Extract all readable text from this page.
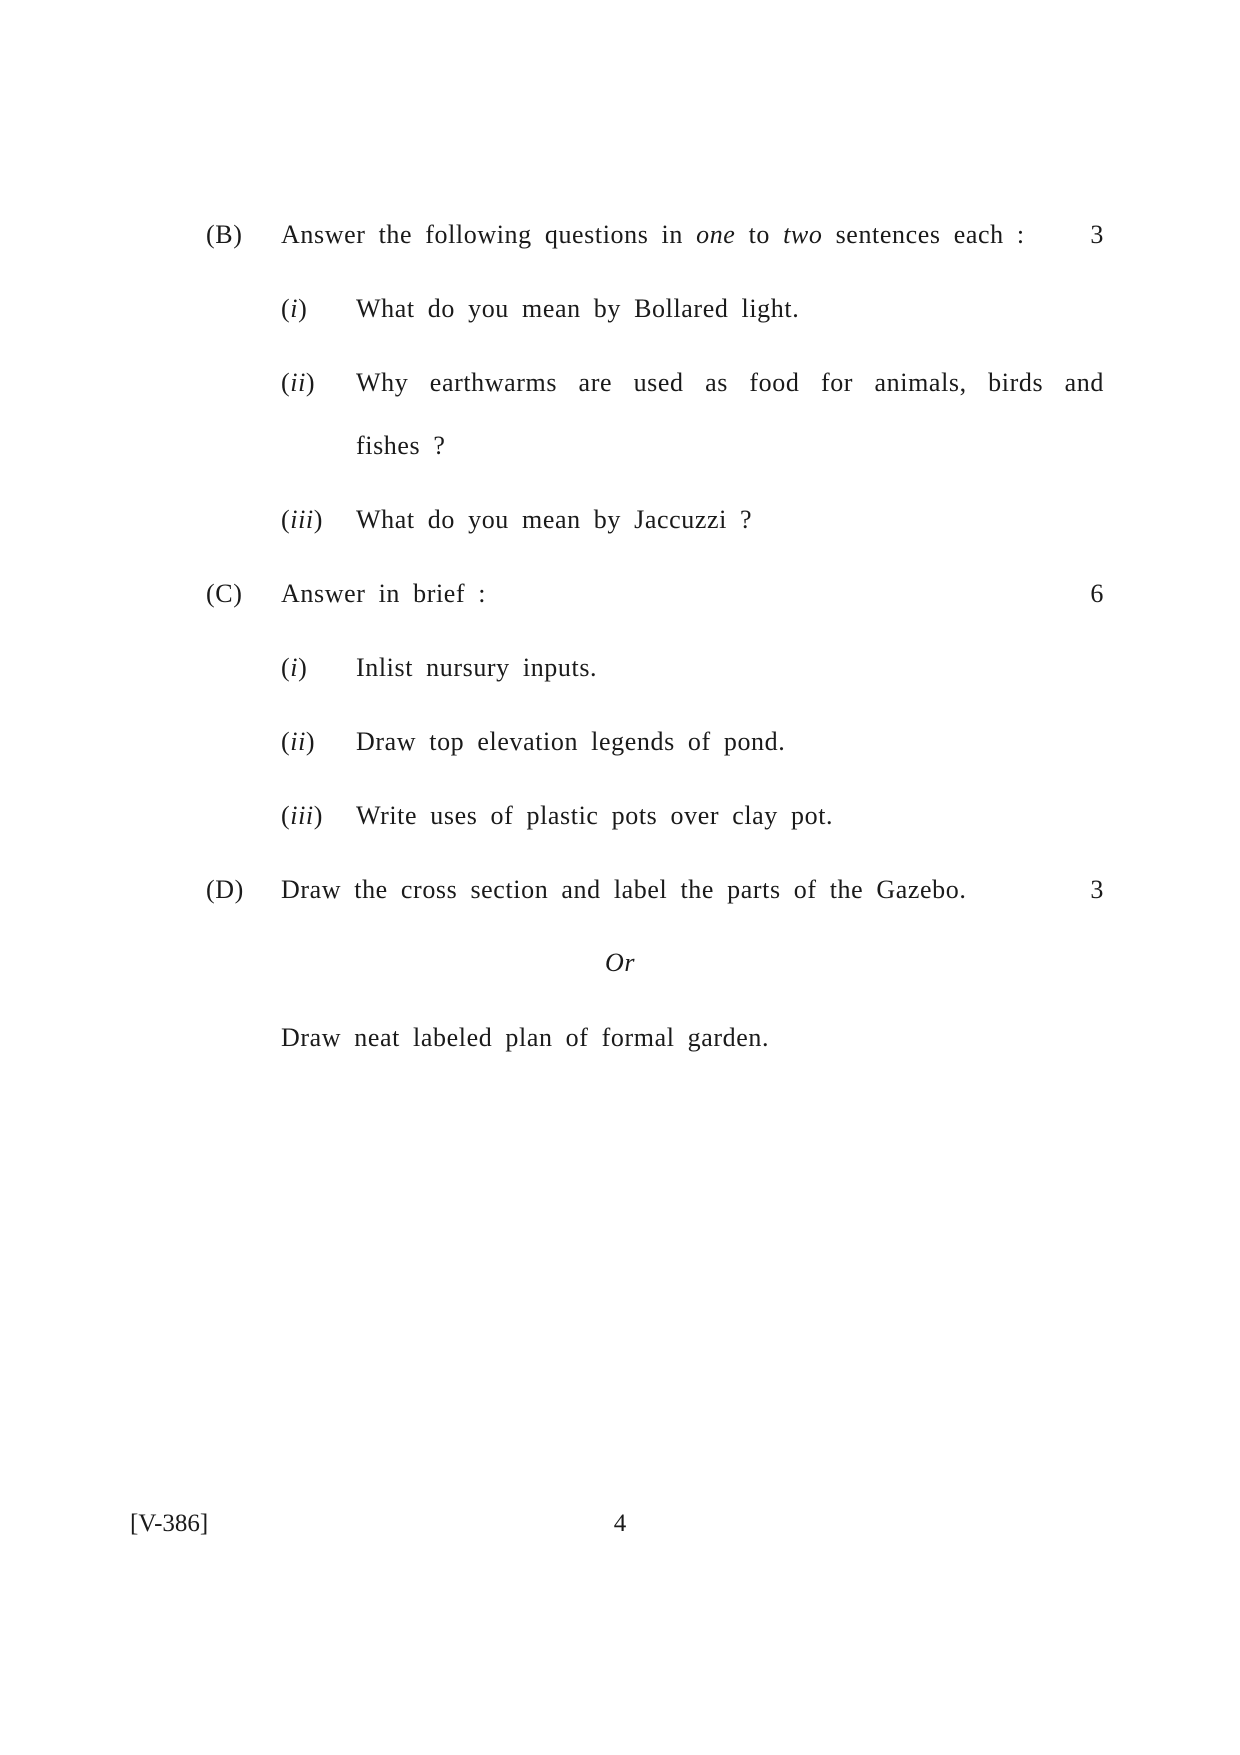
(B) Answer the following questions in one to two sentences each :	3
(i) What do you mean by Bollared light.
(ii) Why earthwarms are used as food for animals, birds and
fishes ?
(iii) What do you mean by Jaccuzzi ?
(C) Answer in brief :	6
(i) Inlist nursury inputs.
(ii) Draw top elevation legends of pond.
(iii) Write uses of plastic pots over clay pot.
(D) Draw the cross section and label the parts of the Gazebo.	3
Or
Draw neat labeled plan of formal garden.
[V-386]	4
